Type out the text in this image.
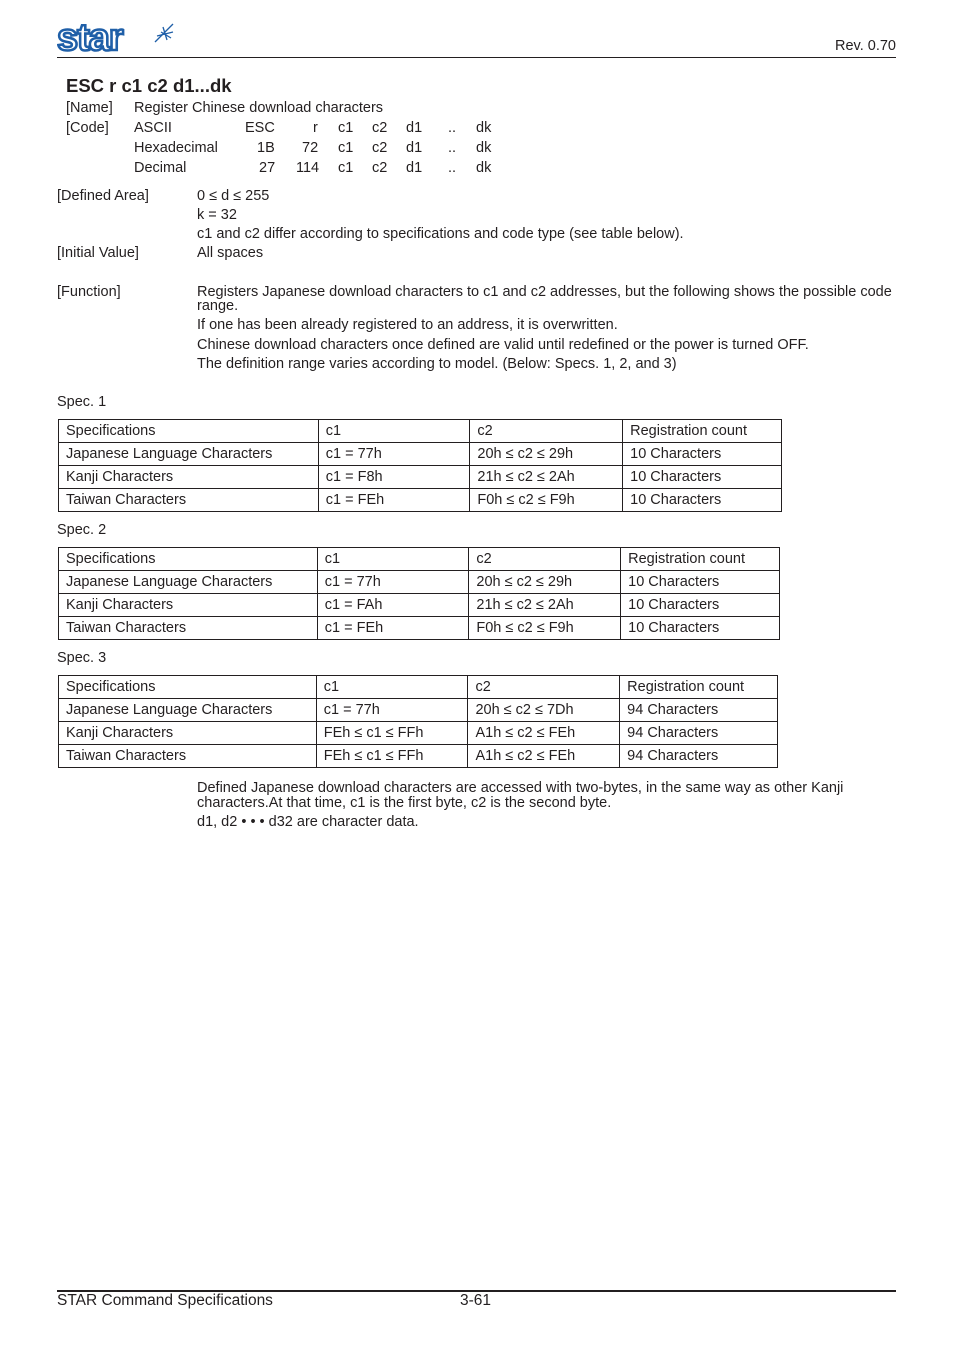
star	Rev. 0.70
ESC r c1 c2 d1...dk
[Name] Register Chinese download characters
[Code] ASCII	ESC	r c1 c2 d1 .. dk
Hexadecimal	1B 72 c1 c2 d1 .. dk
Decimal	27 114 c1 c2 d1 .. dk
[Defined Area]	0 ≤ d ≤ 255
k = 32
c1 and c2 differ according to specifications and code type (see table below).
[Initial Value]	All spaces
[Function]	Registers Japanese download characters to c1 and c2 addresses, but the following shows the possible code
range.
If one has been already registered to an address, it is overwritten.
Chinese download characters once defined are valid until redefined or the power is turned OFF.
The definition range varies according to model. (Below: Specs. 1, 2, and 3)
Spec. 1
Specifications	c1	c2	Registration count
Japanese Language Characters	c1 = 77h	20h ≤ c2 ≤ 29h	10 Characters
Kanji Characters	c1 = F8h	21h ≤ c2 ≤ 2Ah	10 Characters
Taiwan Characters	c1 = FEh	F0h ≤ c2 ≤ F9h	10 Characters
Spec. 2
Specifications	c1	c2	Registration count
Japanese Language Characters	c1 = 77h	20h ≤ c2 ≤ 29h	10 Characters
Kanji Characters	c1 = FAh	21h ≤ c2 ≤ 2Ah	10 Characters
Taiwan Characters	c1 = FEh	F0h ≤ c2 ≤ F9h	10 Characters
Spec. 3
Specifications	c1	c2	Registration count
Japanese Language Characters	c1 = 77h	20h ≤ c2 ≤ 7Dh	94 Characters
Kanji Characters	FEh ≤ c1 ≤ FFh	A1h ≤ c2 ≤ FEh	94 Characters
Taiwan Characters	FEh ≤ c1 ≤ FFh	A1h ≤ c2 ≤ FEh	94 Characters
Defined Japanese download characters are accessed with two-bytes, in the same way as other Kanji
characters.At that time, c1 is the first byte, c2 is the second byte.
d1, d2 • • • d32 are character data.
STAR Command Specifications	3-61
